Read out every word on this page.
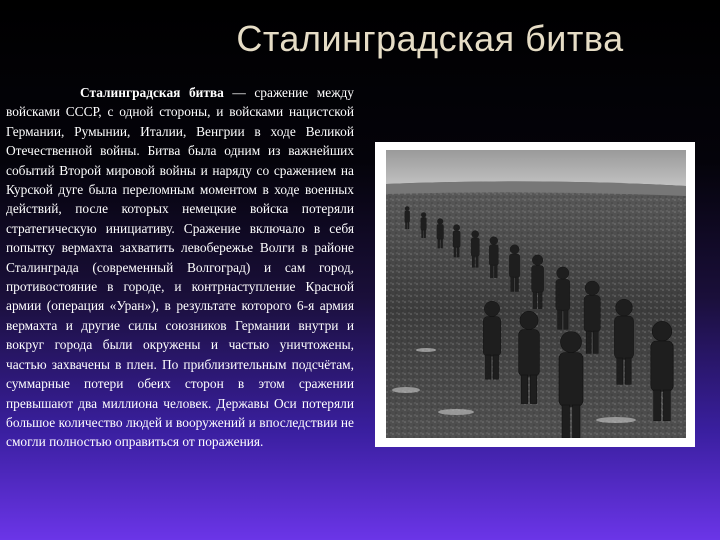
Сталинградская битва

Сталинградская битва — сражение между войсками СССР, с одной стороны, и войсками нацистской Германии, Румынии, Италии, Венгрии в ходе Великой Отечественной войны. Битва была одним из важнейших событий Второй мировой войны и наряду со сражением на Курской дуге была переломным моментом в ходе военных действий, после которых немецкие войска потеряли стратегическую инициативу. Сражение включало в себя попытку вермахта захватить левобережье Волги в районе Сталинграда (современный Волгоград) и сам город, противостояние в городе, и контрнаступление Красной армии (операция «Уран»), в результате которого 6-я армия вермахта и другие силы союзников Германии внутри и вокруг города были окружены и частью уничтожены, частью захвачены в плен. По приблизительным подсчётам, суммарные потери обеих сторон в этом сражении превышают два миллиона человек. Державы Оси потеряли большое количество людей и вооружений и впоследствии не смогли полностью оправиться от поражения.
